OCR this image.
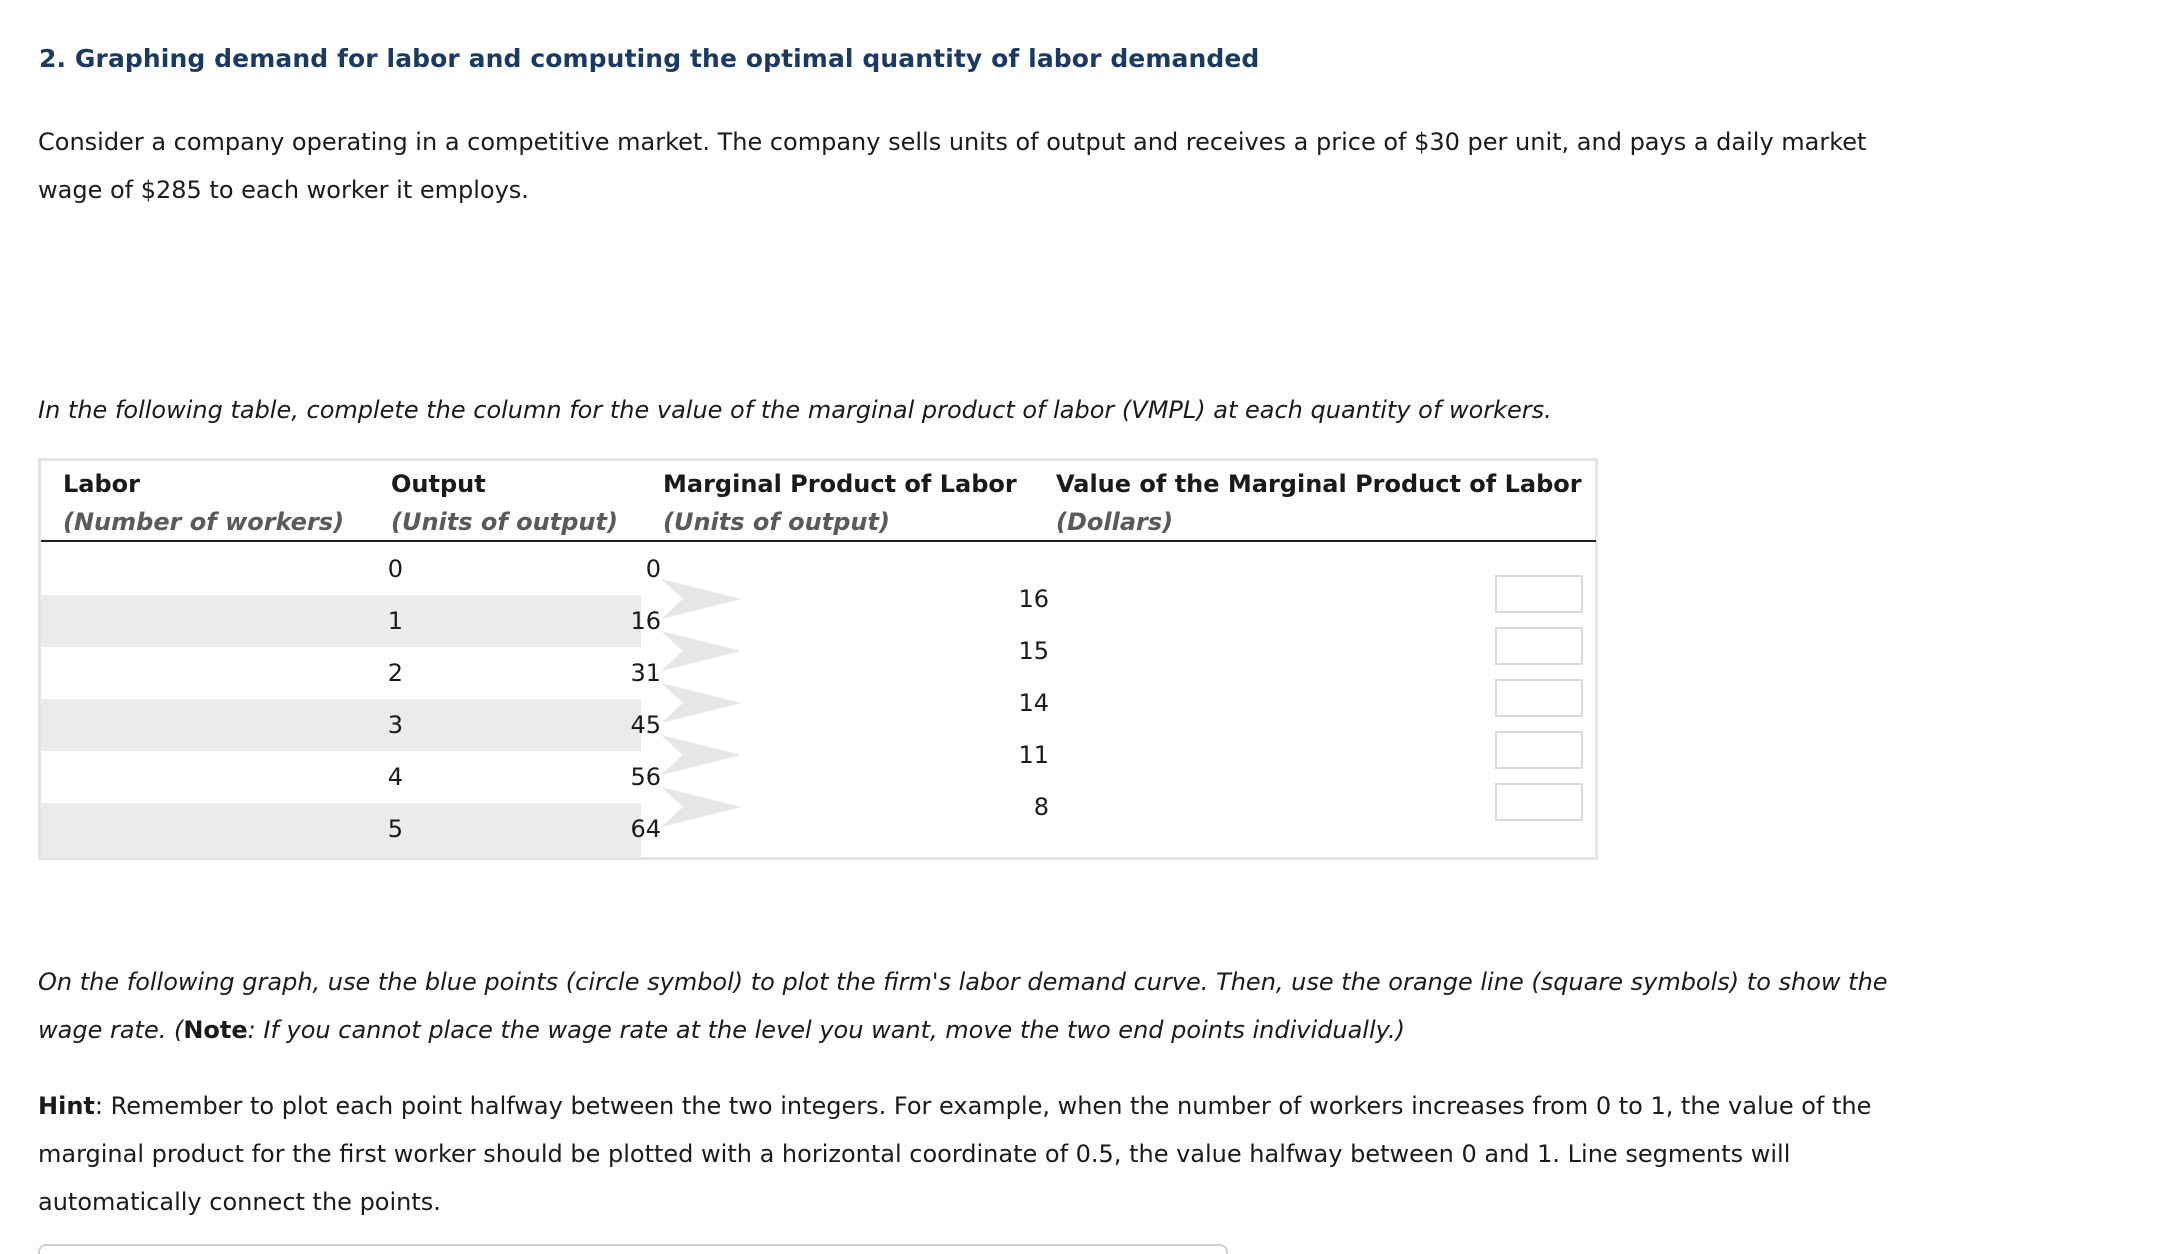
2. Graphing demand for labor and computing the optimal quantity of labor demanded

Consider a company operating in a competitive market. The company sells units of output and receives a price of $30 per unit, and pays a daily market wage of $285 to each worker it employs.

In the following table, complete the column for the value of the marginal product of labor (VMPL) at each quantity of workers.

Labor
(Number of workers)
Output
(Units of output)
Marginal Product of Labor
(Units of output)
Value of the Marginal Product of Labor
(Dollars)
0
1
2
3
4
5
0
16
31
45
56
64
16
15
14
11
8

On the following graph, use the blue points (circle symbol) to plot the firm's labor demand curve. Then, use the orange line (square symbols) to show the wage rate. (Note: If you cannot place the wage rate at the level you want, move the two end points individually.)

Hint: Remember to plot each point halfway between the two integers. For example, when the number of workers increases from 0 to 1, the value of the marginal product for the first worker should be plotted with a horizontal coordinate of 0.5, the value halfway between 0 and 1. Line segments will automatically connect the points.
